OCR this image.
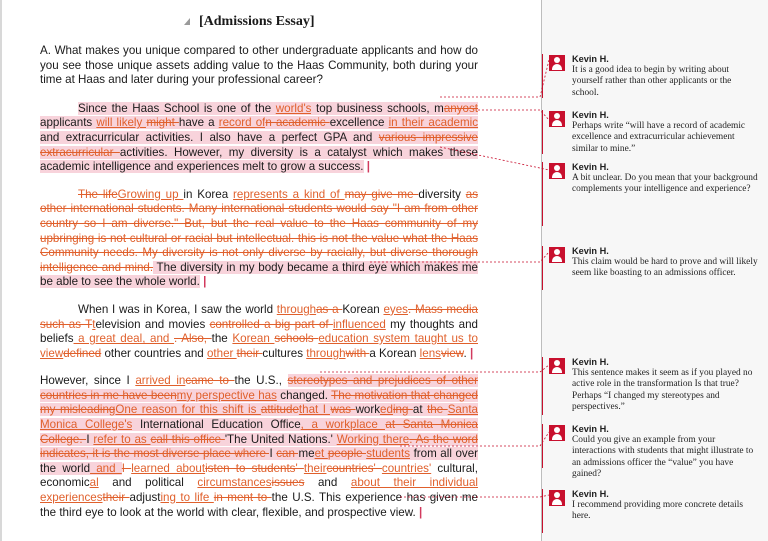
[Admissions Essay]

A. What makes you unique compared to other undergraduate applicants and how do you see those unique assets adding value to the Haas Community, both during your time at Haas and later during your professional career?

Since the Haas School is one of the world's top business schools, manyost applicants will likely might have a record ofn academic excellence in their academic and extracurricular activities. I also have a perfect GPA and various impressive extracurricular activities. However, my diversity is a catalyst which makes these academic intelligence and experiences melt to grow a success. |

The lifeGrowing up in Korea represents a kind of may give me diversity as other international students. Many international students would say "I am from other country so I am diverse." But, but the real value to the Haas community of my upbringing is not cultural or racial but intellectual. this is not the value what the Haas Community needs. My diversity is not only diverse by racially, but diverse thorough intelligence and mind. The diversity in my body became a third eye which makes me be able to see the whole world. |

When I was in Korea, I saw the world throughas a Korean eyes. Mass media such as Ttelevision and movies controlled a big part of influenced my thoughts and beliefs a great deal, and . Also, the Korean schools education system taught us to viewdefined other countries and other their cultures throughwith a Korean lensview. |

However, since I arrived incame to the U.S., stereotypes and prejudices of other countries in me have beenmy perspective has changed. The motivation that changed my misleadingOne reason for this shift is attitudethat I was workeding at the Santa Monica College's International Education Office, a workplace at Santa Monica College. I refer to as call this office 'The United Nations.' Working there. As the word indicates, it is the most diverse place where I can meet people students from all over the world and I learned aboutisten to students' theircountries' countries' cultural, economical and political circumstancesissues and about their individual experiencestheir adjusting to life in ment to the U.S. This experience has given me the third eye to look at the world with clear, flexible, and prospective view. |

Kevin H.
It is a good idea to begin by writing about yourself rather than other applicants or the school.
Kevin H.
Perhaps write “will have a record of academic excellence and extracurricular achievement similar to mine.”
Kevin H.
A bit unclear. Do you mean that your background complements your intelligence and experience?
Kevin H.
This claim would be hard to prove and will likely seem like boasting to an admissions officer.
Kevin H.
This sentence makes it seem as if you played no active role in the transformation Is that true? Perhaps “I changed my stereotypes and perspectives.”
Kevin H.
Could you give an example from your interactions with students that might illustrate to an admissions officer the “value” you have gained?
Kevin H.
I recommend providing more concrete details here.
